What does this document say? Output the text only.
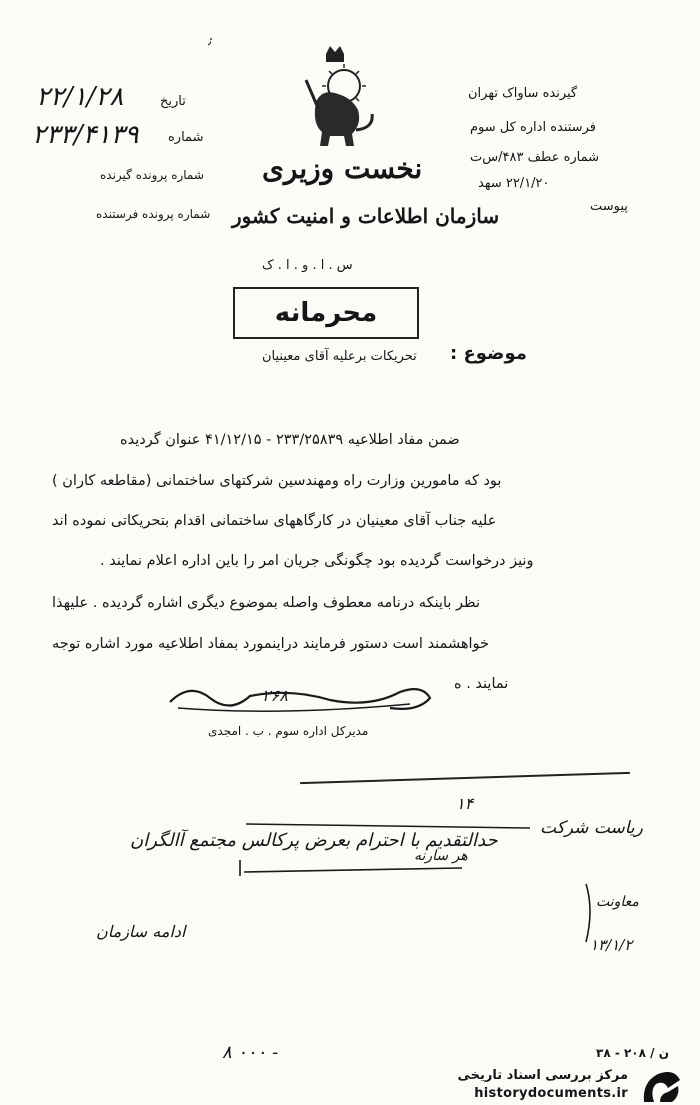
ﺋ
تاریخ
۲۲/۱/۲۸
شماره
۲۳۳/۴۱۳۹
شماره پرونده گیرنده
شماره پرونده فرستنده
نخست وزیری
سازمان اطلاعات و امنیت کشور
س . ا . و . ا . ک
محرمانه
گیرنده ساواک تهران
فرستنده اداره کل سوم
شماره عطف ۴۸۳/س‌ت
۲۲/۱/۲۰ سهد
پیوست
موضوع :
تحریکات برعلیه آقای معینیان
ضمن مفاد اطلاعیه ۲۳۳/۲۵۸۳۹ - ۴۱/۱۲/۱۵ عنوان گردیده
بود که مامورین وزارت راه ومهندسین شرکتهای ساختمانی (مقاطعه کاران )
علیه جناب آقای معینیان در کارگاههای ساختمانی اقدام بتحریکاتی نموده اند
ونیز درخواست گردیده بود چگونگی جریان امر را باین اداره اعلام نمایند .
نظر باینکه درنامه معطوف واصله بموضوع دیگری اشاره گردیده . علیهذا
خواهشمند است دستور فرمایند دراینمورد بمفاد اطلاعیه مورد اشاره توجه
نمایند . ه
۲۶۸
مدیرکل اداره سوم . ب . امجدی
۱۴
ریاست شرکت
حدالتقدیم با احترام بعرض پرکالس مجتمع آالگران
هر سارنه
معاونت
۱۳/۱/۲
ادامه سازمان
۸ ۰۰۰ -	۳۸ - ۲۰۸ / ن
مرکز بررسی اسناد تاریخی
historydocuments.ir
